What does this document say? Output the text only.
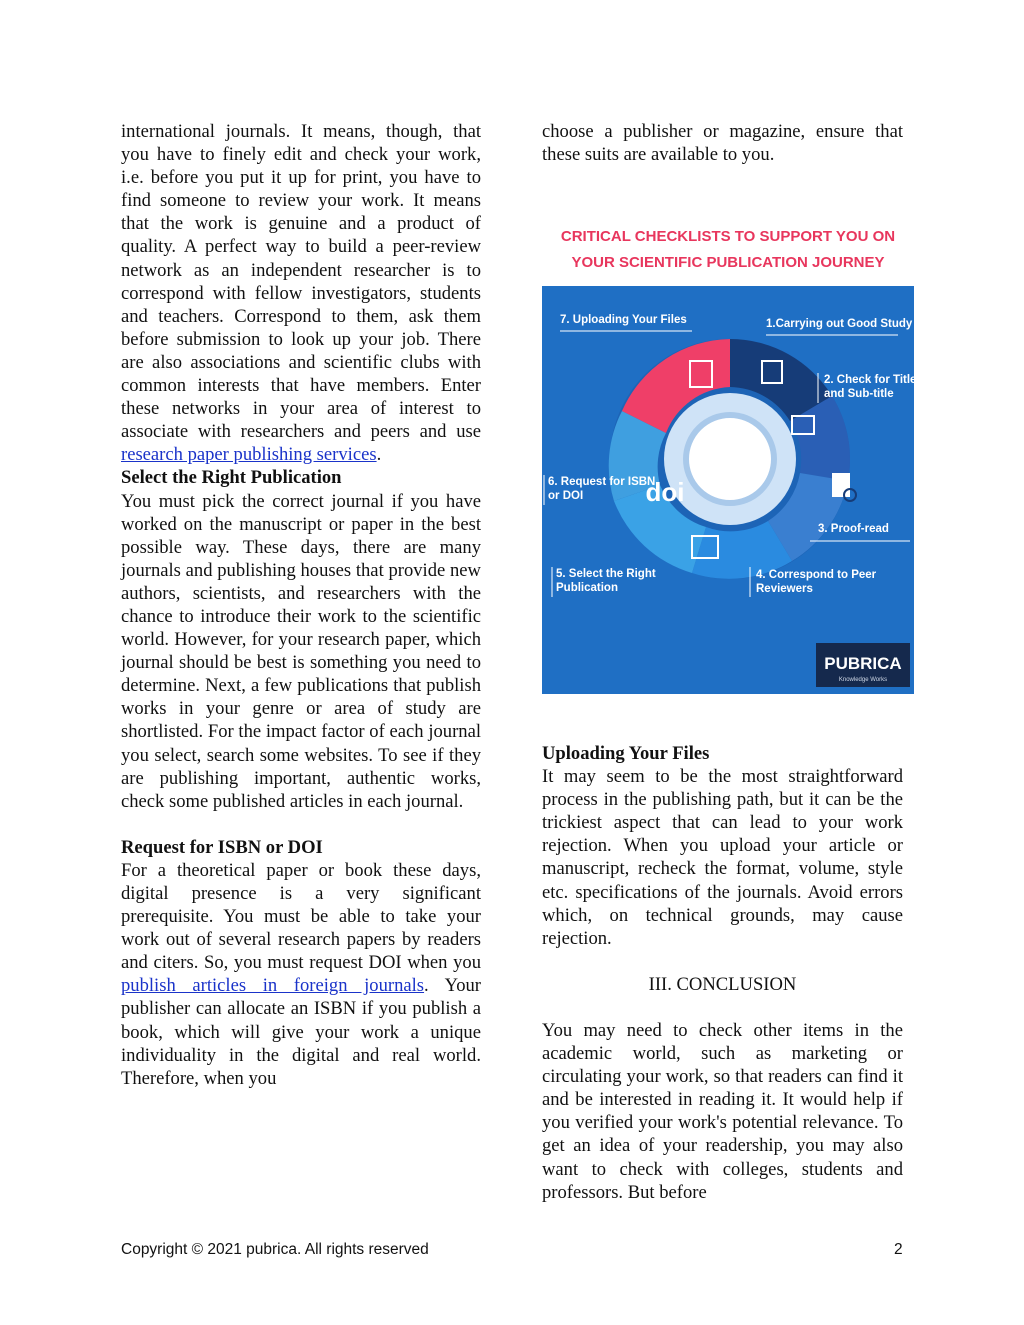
international journals. It means, though, that you have to finely edit and check your work, i.e. before you put it up for print, you have to find someone to review your work. It means that the work is genuine and a product of quality. A perfect way to build a peer-review network as an independent researcher is to correspond with fellow investigators, students and teachers. Correspond to them, ask them before submission to look up your job. There are also associations and scientific clubs with common interests that have members. Enter these networks in your area of interest to associate with researchers and peers and use research paper publishing services.

Select the Right Publication

You must pick the correct journal if you have worked on the manuscript or paper in the best possible way. These days, there are many journals and publishing houses that provide new authors, scientists, and researchers with the chance to introduce their work to the scientific world. However, for your research paper, which journal should be best is something you need to determine. Next, a few publications that publish works in your genre or area of study are shortlisted. For the impact factor of each journal you select, search some websites. To see if they are publishing important, authentic works, check some published articles in each journal.

Request for ISBN or DOI

For a theoretical paper or book these days, digital presence is a very significant prerequisite. You must be able to take your work out of several research papers by readers and citers. So, you must request DOI when you publish articles in foreign journals. Your publisher can allocate an ISBN if you publish a book, which will give your work a unique individuality in the digital and real world. Therefore, when you

choose a publisher or magazine, ensure that these suits are available to you.

CRITICAL CHECKLISTS TO SUPPORT YOU ON
YOUR SCIENTIFIC PUBLICATION JOURNEY
doi
7. Uploading Your Files	1.Carrying out Good Study
2. Check for Title
and Sub-title
6. Request for ISBN
or DOI
3. Proof-read
5. Select the Right
Publication
4. Correspond to Peer
Reviewers
PUBRICA
Knowledge Works

Uploading Your Files

It may seem to be the most straightforward process in the publishing path, but it can be the trickiest aspect that can lead to your work rejection. When you upload your article or manuscript, recheck the format, volume, style etc. specifications of the journals. Avoid errors which, on technical grounds, may cause rejection.

III. CONCLUSION

You may need to check other items in the academic world, such as marketing or circulating your work, so that readers can find it and be interested in reading it. It would help if you verified your work's potential relevance. To get an idea of your readership, you may also want to check with colleges, students and professors. But before

Copyright © 2021 pubrica. All rights reserved	2
